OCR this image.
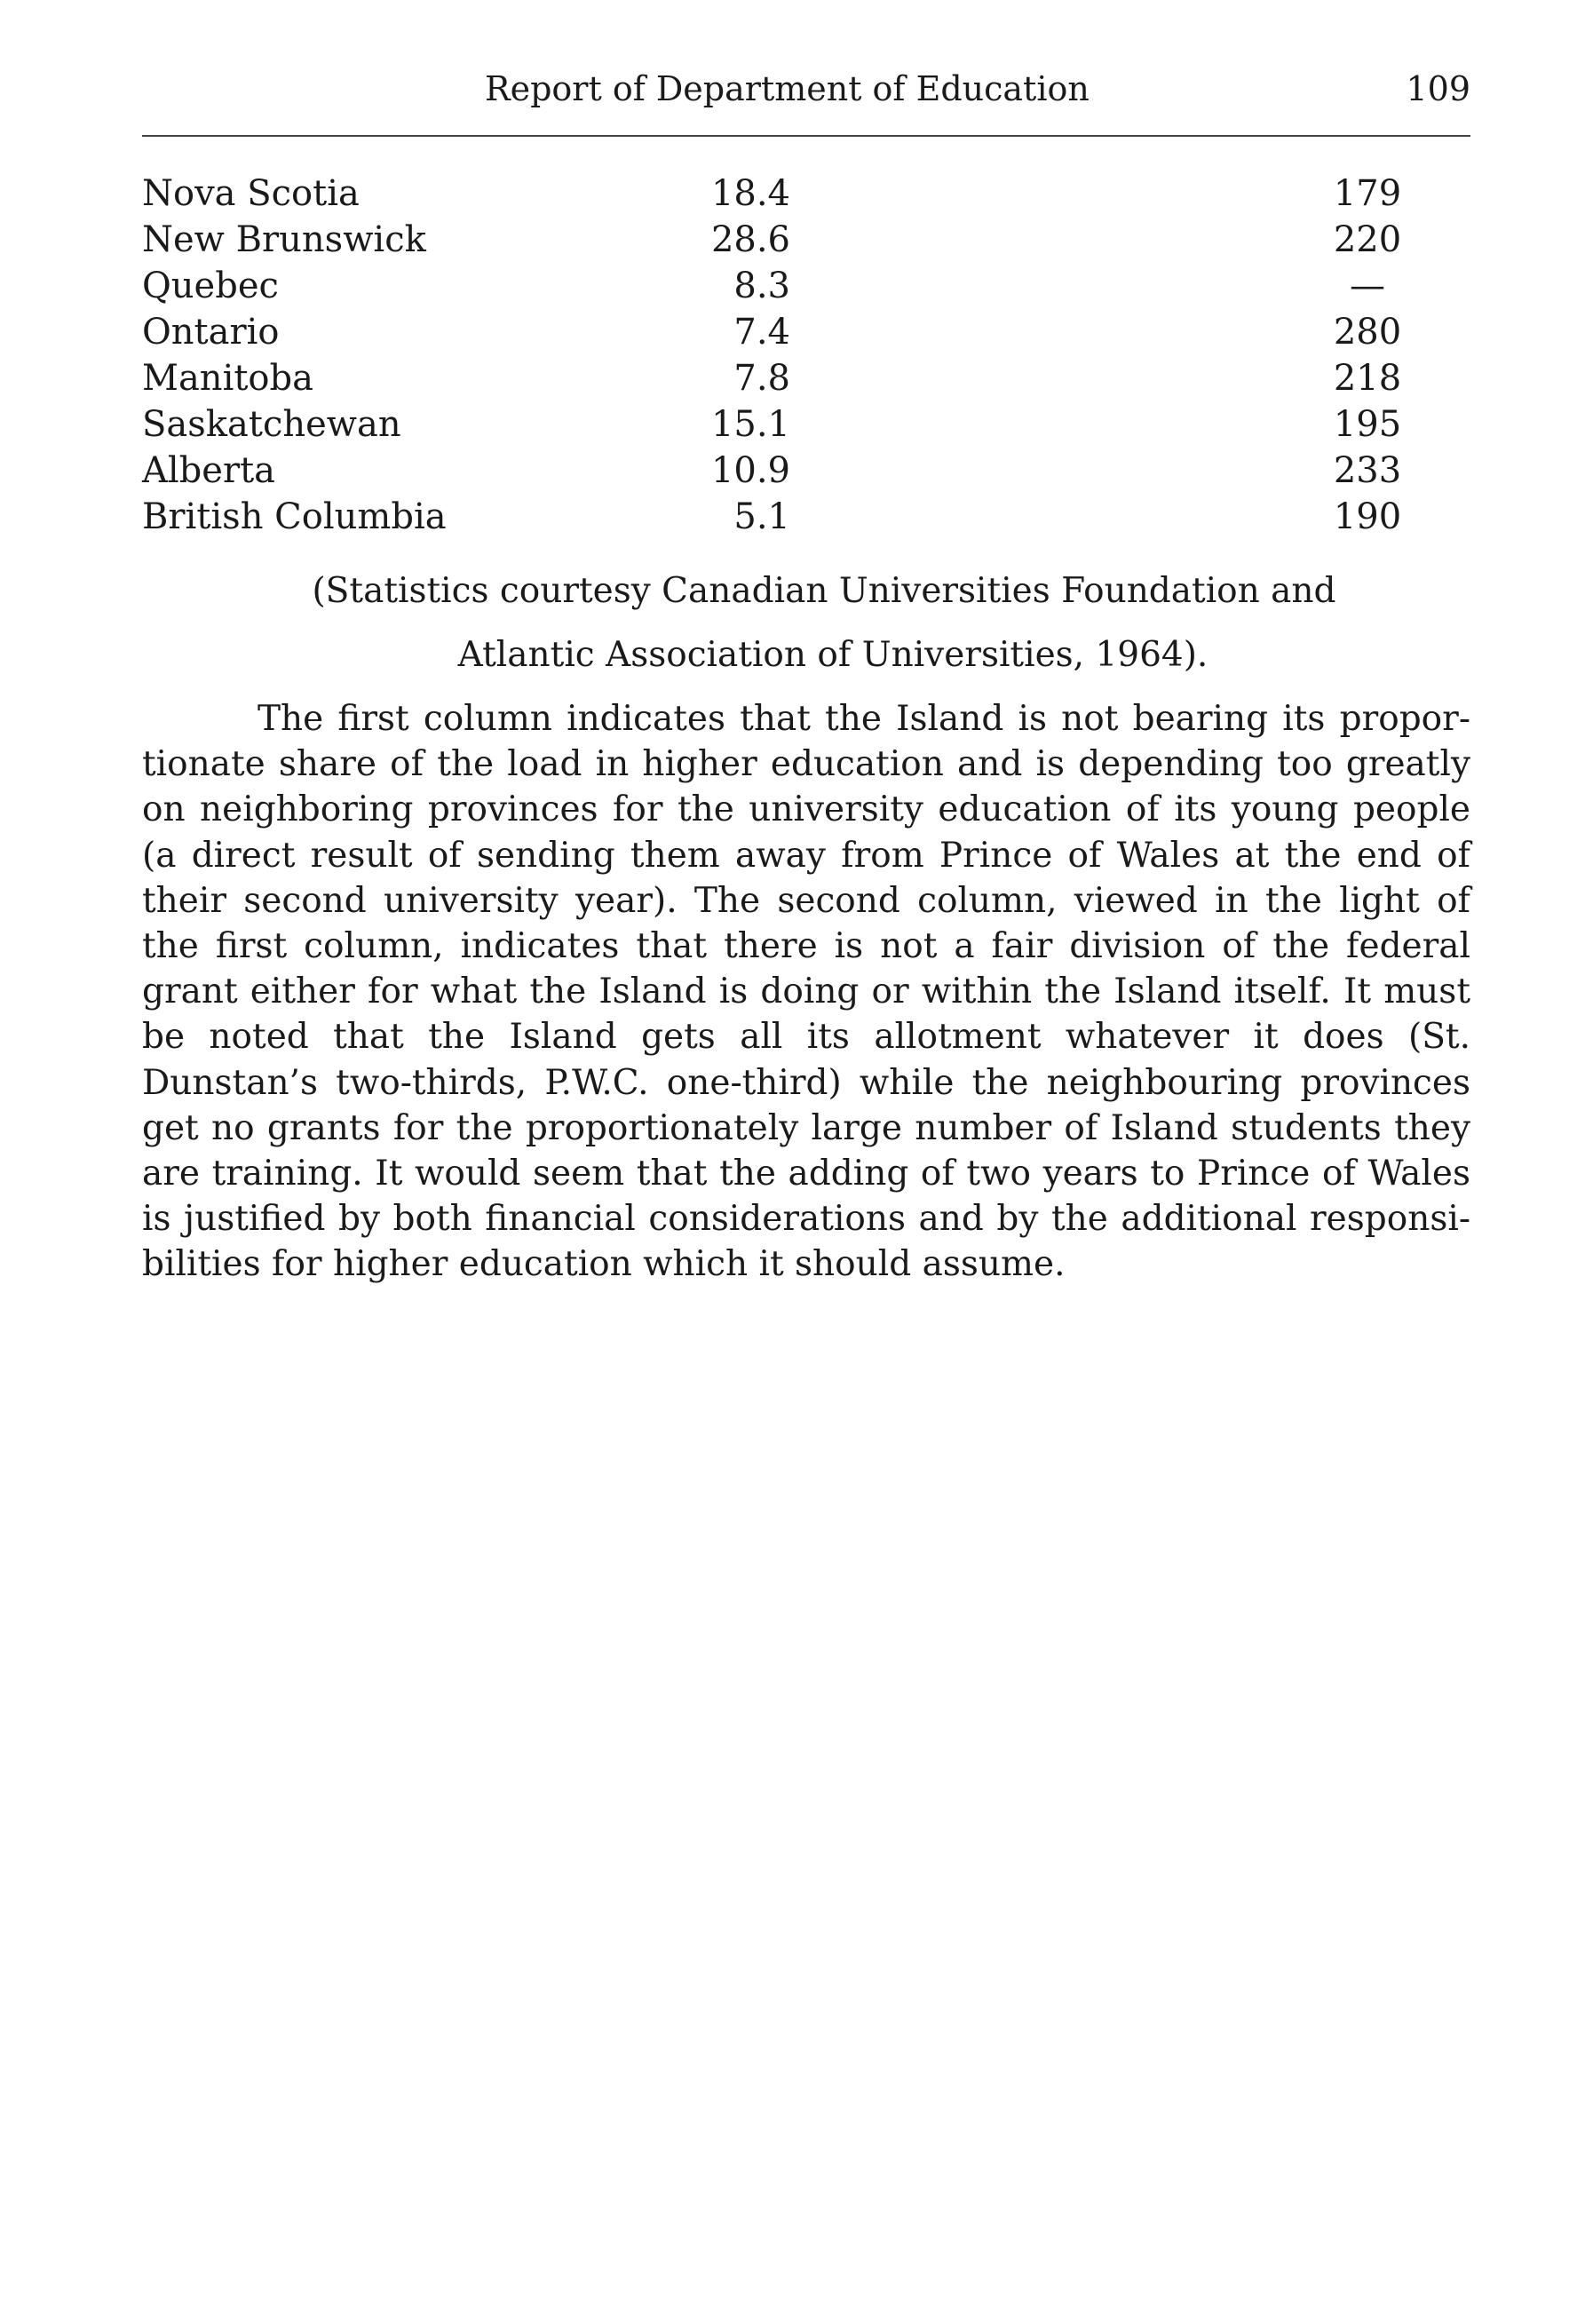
Report of Department of Education	109
Nova Scotia	18.4	179
New Brunswick	28.6	220
Quebec	8.3	—
Ontario	7.4	280
Manitoba	7.8	218
Saskatchewan	15.1	195
Alberta	10.9	233
British Columbia	5.1	190
(Statistics courtesy Canadian Universities Foundation and
Atlantic Association of Universities, 1964).

The first column indicates that the Island is not bearing its proportionate share of the load in higher education and is depending too greatly on neighboring provinces for the university education of its young people (a direct result of sending them away from Prince of Wales at the end of their second university year). The second column, viewed in the light of the first column, indicates that there is not a fair division of the federal grant either for what the Island is doing or within the Island itself. It must be noted that the Island gets all its allotment whatever it does (St. Dunstan’s two-thirds, P.W.C. one-third) while the neighbouring provinces get no grants for the proportionately large number of Island students they are training. It would seem that the adding of two years to Prince of Wales is justified by both financial considerations and by the additional responsibilities for higher education which it should assume.
